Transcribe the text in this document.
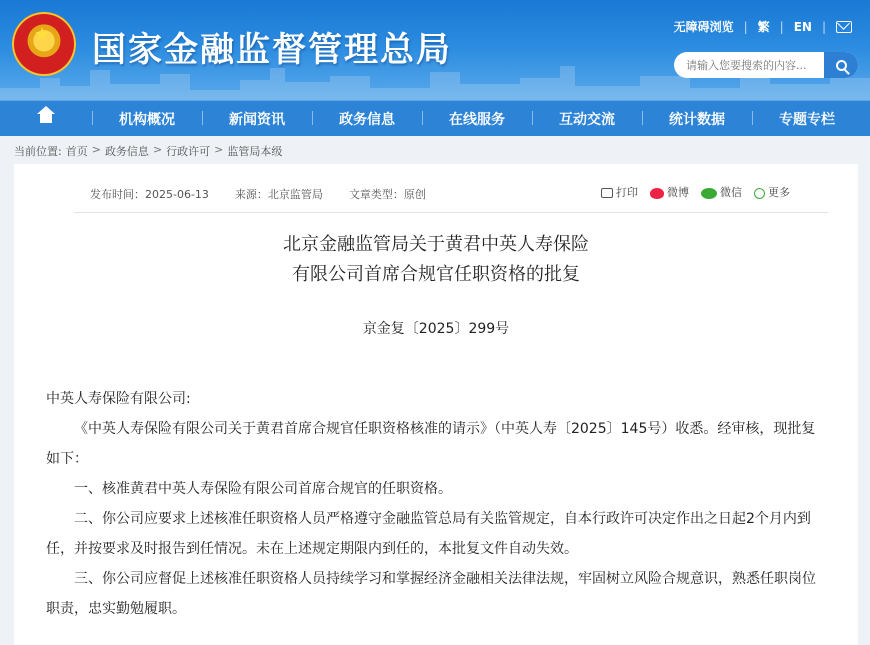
★ 国家金融监督管理总局
无障碍浏览 | 繁 | EN |
请输入您要搜索的内容...
机构概况	新闻资讯	政务信息	在线服务	互动交流	统计数据	专题专栏
当前位置: 首页 > 政务信息 > 行政许可 > 监管局本级
发布时间：2025-06-13 来源：北京监管局 文章类型：原创	打印	微博	微信	更多
北京金融监管局关于黄君中英人寿保险
有限公司首席合规官任职资格的批复
京金复〔2025〕299号

中英人寿保险有限公司:

《中英人寿保险有限公司关于黄君首席合规官任职资格核准的请示》（中英人寿〔2025〕145号）收悉。经审核，现批复如下：

一、核准黄君中英人寿保险有限公司首席合规官的任职资格。

二、你公司应要求上述核准任职资格人员严格遵守金融监管总局有关监管规定，自本行政许可决定作出之日起2个月内到任，并按要求及时报告到任情况。未在上述规定期限内到任的，本批复文件自动失效。

三、你公司应督促上述核准任职资格人员持续学习和掌握经济金融相关法律法规，牢固树立风险合规意识，熟悉任职岗位职责，忠实勤勉履职。
